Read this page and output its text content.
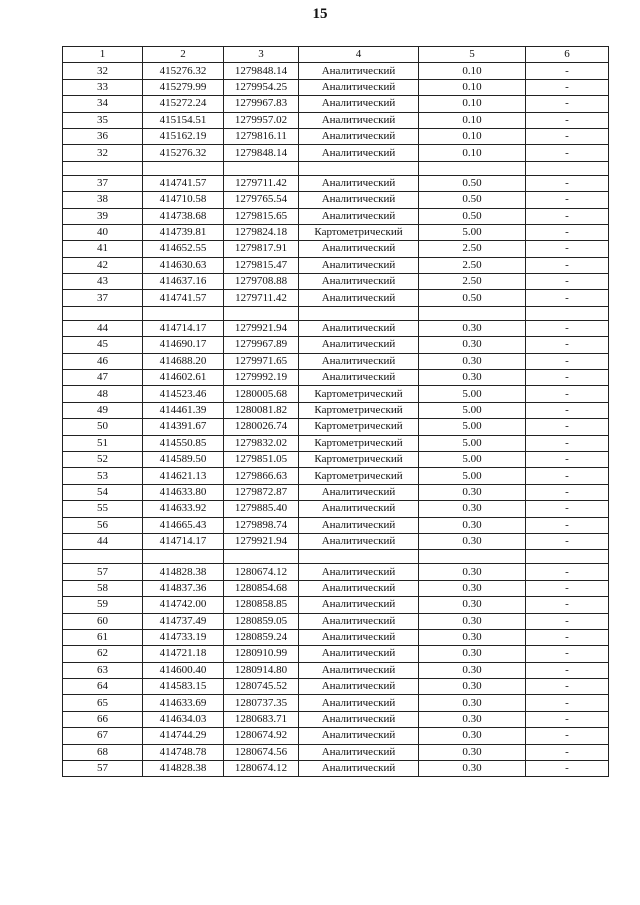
15
1	2	3	4	5	6
32	415276.32	1279848.14	Аналитический	0.10	-
33	415279.99	1279954.25	Аналитический	0.10	-
34	415272.24	1279967.83	Аналитический	0.10	-
35	415154.51	1279957.02	Аналитический	0.10	-
36	415162.19	1279816.11	Аналитический	0.10	-
32	415276.32	1279848.14	Аналитический	0.10	-

37	414741.57	1279711.42	Аналитический	0.50	-
38	414710.58	1279765.54	Аналитический	0.50	-
39	414738.68	1279815.65	Аналитический	0.50	-
40	414739.81	1279824.18	Картометрический	5.00	-
41	414652.55	1279817.91	Аналитический	2.50	-
42	414630.63	1279815.47	Аналитический	2.50	-
43	414637.16	1279708.88	Аналитический	2.50	-
37	414741.57	1279711.42	Аналитический	0.50	-

44	414714.17	1279921.94	Аналитический	0.30	-
45	414690.17	1279967.89	Аналитический	0.30	-
46	414688.20	1279971.65	Аналитический	0.30	-
47	414602.61	1279992.19	Аналитический	0.30	-
48	414523.46	1280005.68	Картометрический	5.00	-
49	414461.39	1280081.82	Картометрический	5.00	-
50	414391.67	1280026.74	Картометрический	5.00	-
51	414550.85	1279832.02	Картометрический	5.00	-
52	414589.50	1279851.05	Картометрический	5.00	-
53	414621.13	1279866.63	Картометрический	5.00	-
54	414633.80	1279872.87	Аналитический	0.30	-
55	414633.92	1279885.40	Аналитический	0.30	-
56	414665.43	1279898.74	Аналитический	0.30	-
44	414714.17	1279921.94	Аналитический	0.30	-

57	414828.38	1280674.12	Аналитический	0.30	-
58	414837.36	1280854.68	Аналитический	0.30	-
59	414742.00	1280858.85	Аналитический	0.30	-
60	414737.49	1280859.05	Аналитический	0.30	-
61	414733.19	1280859.24	Аналитический	0.30	-
62	414721.18	1280910.99	Аналитический	0.30	-
63	414600.40	1280914.80	Аналитический	0.30	-
64	414583.15	1280745.52	Аналитический	0.30	-
65	414633.69	1280737.35	Аналитический	0.30	-
66	414634.03	1280683.71	Аналитический	0.30	-
67	414744.29	1280674.92	Аналитический	0.30	-
68	414748.78	1280674.56	Аналитический	0.30	-
57	414828.38	1280674.12	Аналитический	0.30	-
